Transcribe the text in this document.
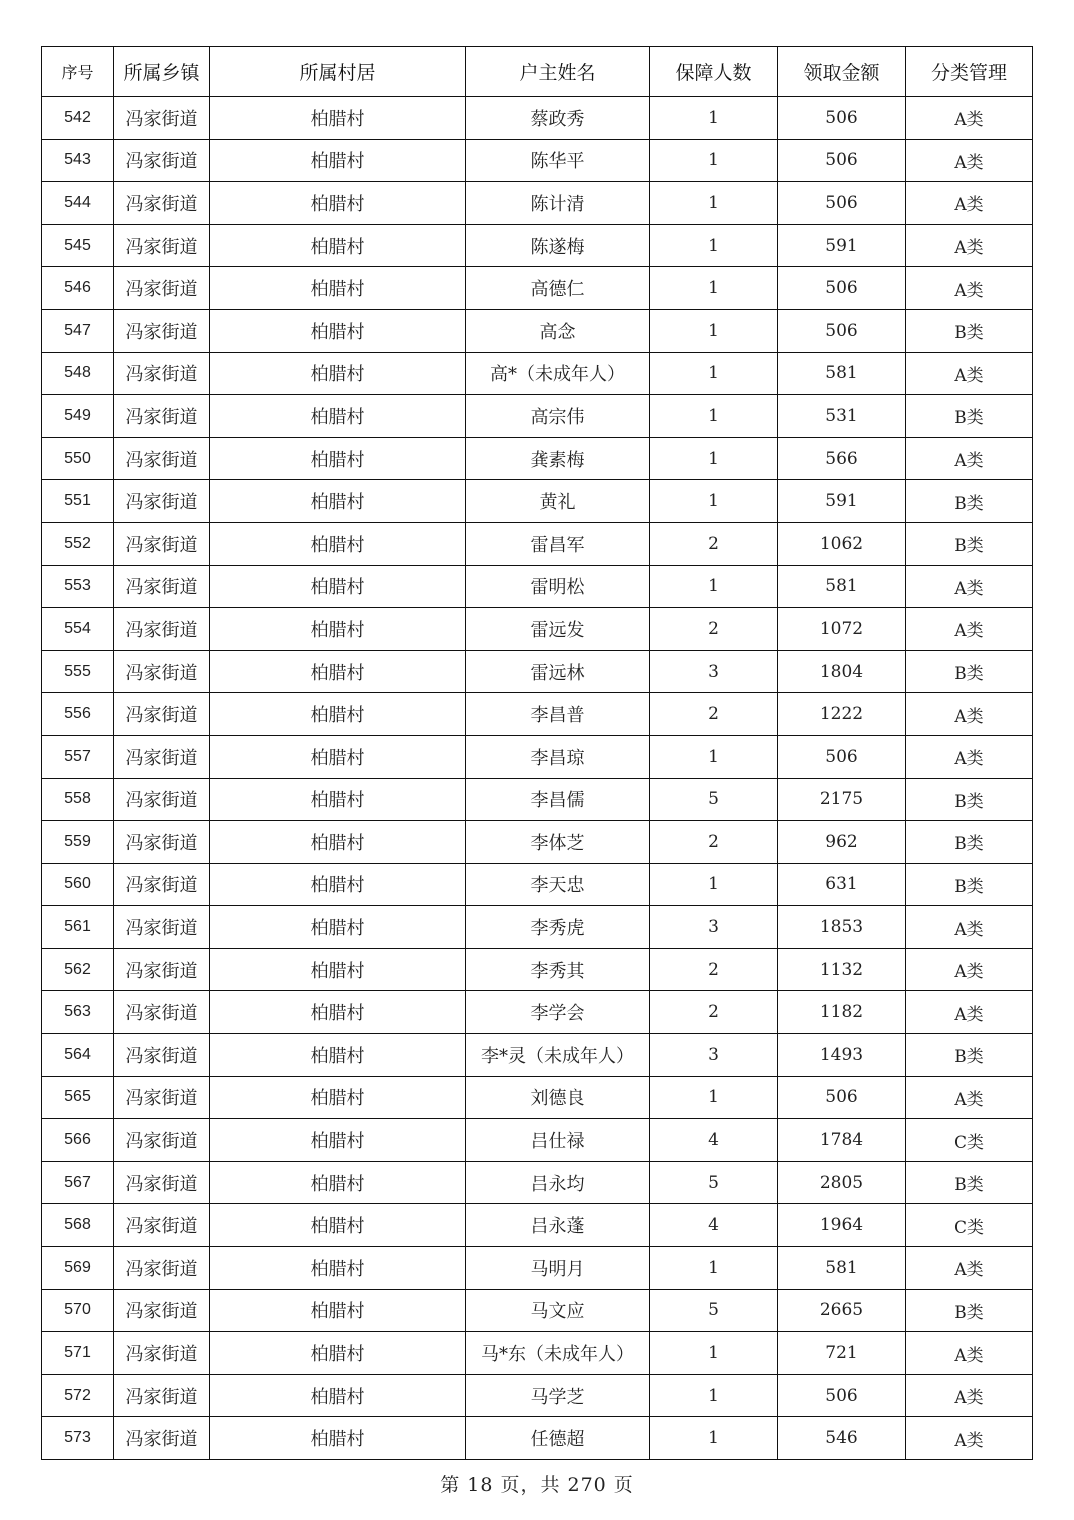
序号	所属乡镇	所属村居	户主姓名	保障人数	领取金额	分类管理
542	冯家街道	柏腊村	蔡政秀	1	506	A类
543	冯家街道	柏腊村	陈华平	1	506	A类
544	冯家街道	柏腊村	陈计清	1	506	A类
545	冯家街道	柏腊村	陈遂梅	1	591	A类
546	冯家街道	柏腊村	高德仁	1	506	A类
547	冯家街道	柏腊村	高念	1	506	B类
548	冯家街道	柏腊村	高*（未成年人）	1	581	A类
549	冯家街道	柏腊村	高宗伟	1	531	B类
550	冯家街道	柏腊村	龚素梅	1	566	A类
551	冯家街道	柏腊村	黄礼	1	591	B类
552	冯家街道	柏腊村	雷昌军	2	1062	B类
553	冯家街道	柏腊村	雷明松	1	581	A类
554	冯家街道	柏腊村	雷远发	2	1072	A类
555	冯家街道	柏腊村	雷远林	3	1804	B类
556	冯家街道	柏腊村	李昌普	2	1222	A类
557	冯家街道	柏腊村	李昌琼	1	506	A类
558	冯家街道	柏腊村	李昌儒	5	2175	B类
559	冯家街道	柏腊村	李体芝	2	962	B类
560	冯家街道	柏腊村	李天忠	1	631	B类
561	冯家街道	柏腊村	李秀虎	3	1853	A类
562	冯家街道	柏腊村	李秀其	2	1132	A类
563	冯家街道	柏腊村	李学会	2	1182	A类
564	冯家街道	柏腊村	李*灵（未成年人）	3	1493	B类
565	冯家街道	柏腊村	刘德良	1	506	A类
566	冯家街道	柏腊村	吕仕禄	4	1784	C类
567	冯家街道	柏腊村	吕永均	5	2805	B类
568	冯家街道	柏腊村	吕永蓬	4	1964	C类
569	冯家街道	柏腊村	马明月	1	581	A类
570	冯家街道	柏腊村	马文应	5	2665	B类
571	冯家街道	柏腊村	马*东（未成年人）	1	721	A类
572	冯家街道	柏腊村	马学芝	1	506	A类
573	冯家街道	柏腊村	任德超	1	546	A类
第 18 页，共 270 页
